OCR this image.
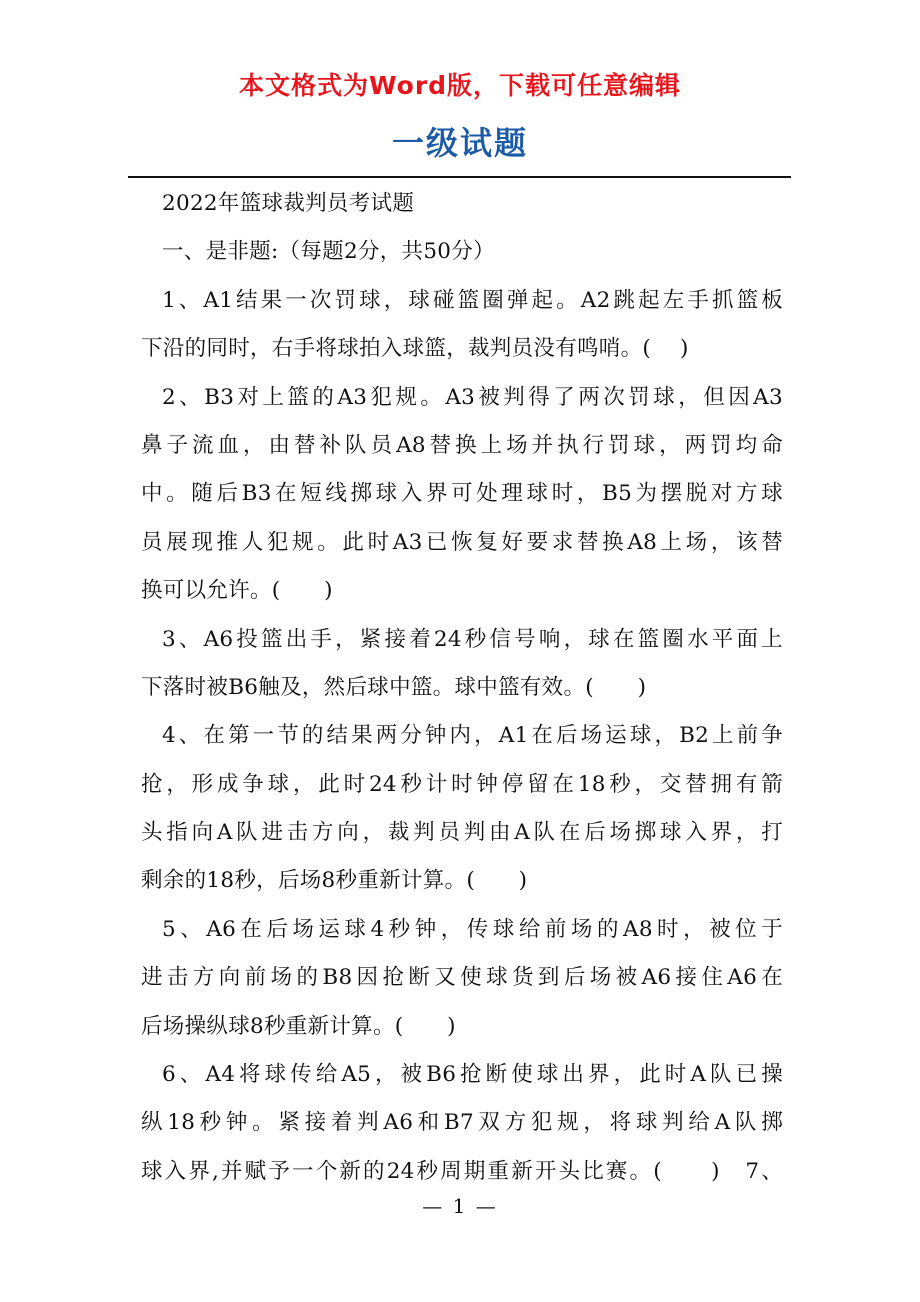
本文格式为Word版，下载可任意编辑
一级试题
2022年篮球裁判员考试题
一、是非题:（每题2分，共50分）
1、A1结果一次罚球，球碰篮圈弹起。A2跳起左手抓篮板
下沿的同时，右手将球拍入球篮，裁判员没有鸣哨。(　 )
2、B3对上篮的A3犯规。A3被判得了两次罚球，但因A3
鼻子流血，由替补队员A8替换上场并执行罚球，两罚均命
中。随后B3在短线掷球入界可处理球时，B5为摆脱对方球
员展现推人犯规。此时A3已恢复好要求替换A8上场，该替
换可以允许。(　　)
3、A6投篮出手，紧接着24秒信号响，球在篮圈水平面上
下落时被B6触及，然后球中篮。球中篮有效。(　　)
4、在第一节的结果两分钟内，A1在后场运球，B2上前争
抢，形成争球，此时24秒计时钟停留在18秒，交替拥有箭
头指向A队进击方向，裁判员判由A队在后场掷球入界，打
剩余的18秒，后场8秒重新计算。(　　)
5、A6在后场运球4秒钟，传球给前场的A8时，被位于
进击方向前场的B8因抢断又使球货到后场被A6接住A6在
后场操纵球8秒重新计算。(　　)
6、A4将球传给A5，被B6抢断使球出界，此时A队已操
纵18秒钟。紧接着判A6和B7双方犯规，将球判给A队掷
球入界,并赋予一个新的24秒周期重新开头比赛。(　　)　7、
— 1 —
